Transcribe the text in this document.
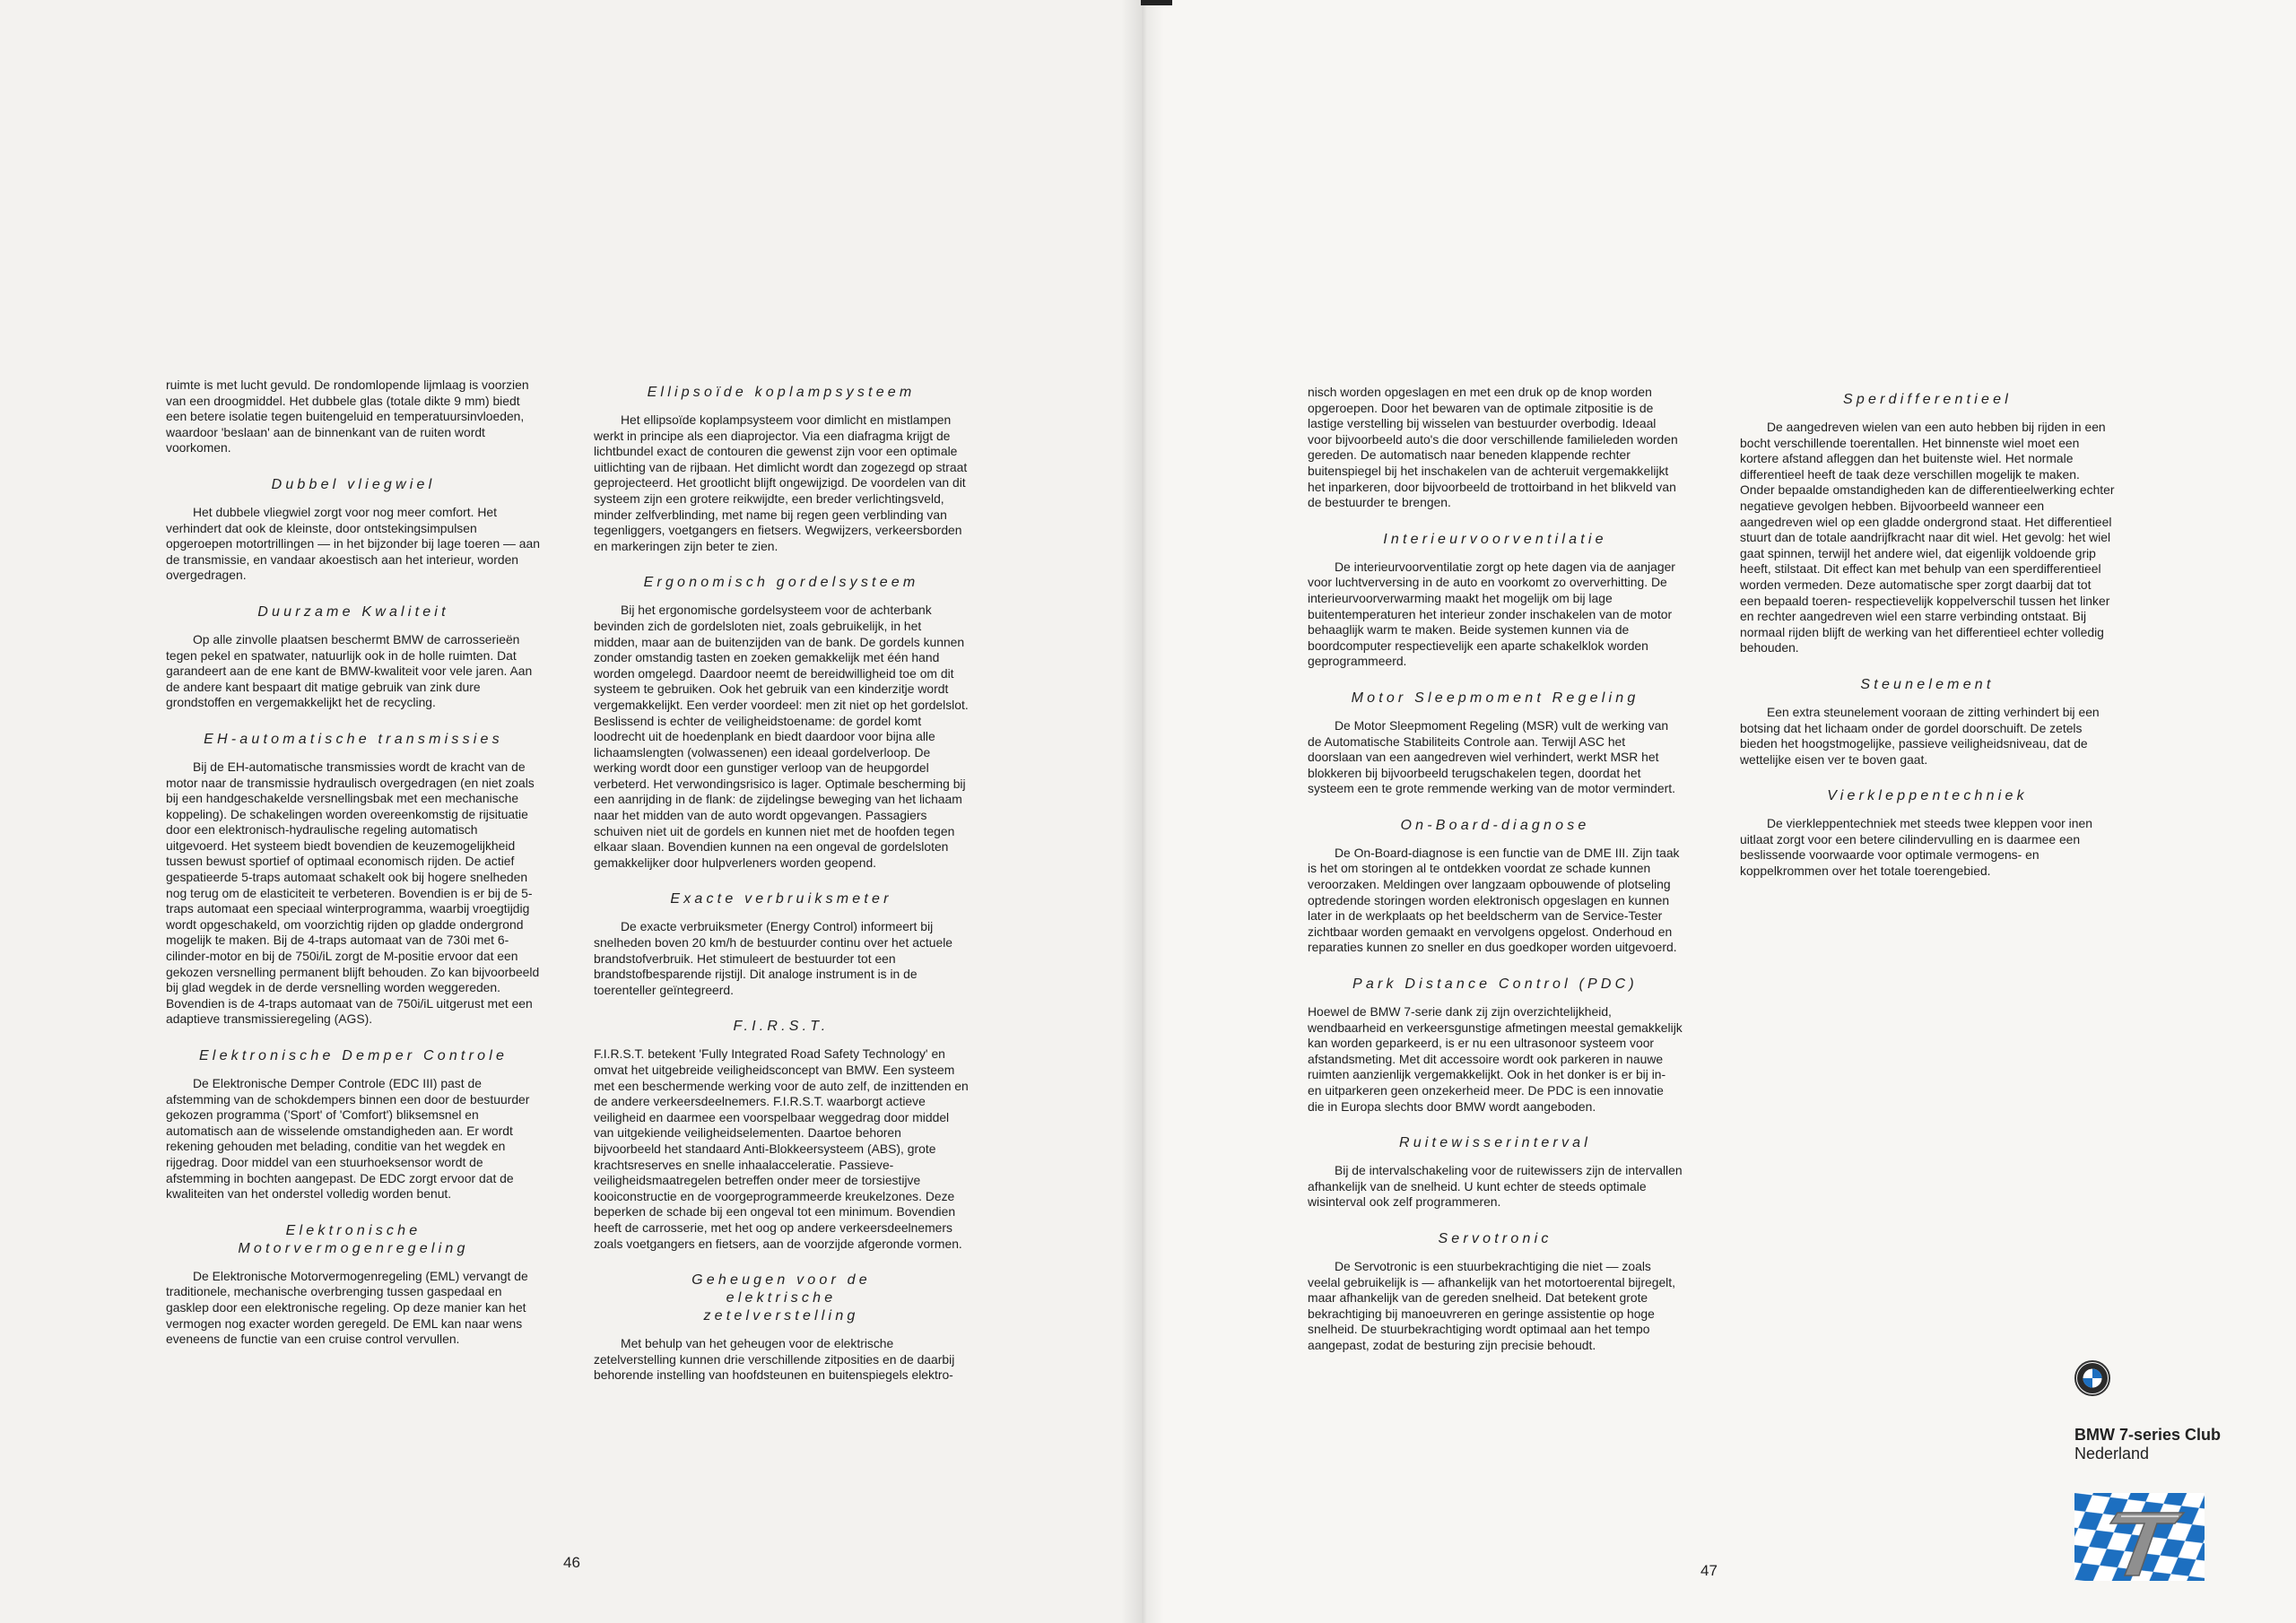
ruimte is met lucht gevuld. De rondomlopende lijmlaag is voorzien van een droogmiddel. Het dubbele glas (totale dikte 9 mm) biedt een betere isolatie tegen buitengeluid en temperatuursinvloeden, waardoor 'beslaan' aan de binnenkant van de ruiten wordt voorkomen.

Dubbel vliegwiel

Het dubbele vliegwiel zorgt voor nog meer comfort. Het verhindert dat ook de kleinste, door ontstekingsimpulsen opgeroepen motortrillingen — in het bijzonder bij lage toeren — aan de transmissie, en vandaar akoestisch aan het interieur, worden overgedragen.

Duurzame Kwaliteit

Op alle zinvolle plaatsen beschermt BMW de carrosserieën tegen pekel en spatwater, natuurlijk ook in de holle ruimten. Dat garandeert aan de ene kant de BMW-kwaliteit voor vele jaren. Aan de andere kant bespaart dit matige gebruik van zink dure grondstoffen en vergemakkelijkt het de recycling.

EH-automatische transmissies

Bij de EH-automatische transmissies wordt de kracht van de motor naar de transmissie hydraulisch overgedragen (en niet zoals bij een handgeschakelde versnellingsbak met een mechanische koppeling). De schakelingen worden overeenkomstig de rijsituatie door een elektronisch-hydraulische regeling automatisch uitgevoerd. Het systeem biedt bovendien de keuzemogelijkheid tussen bewust sportief of optimaal economisch rijden. De actief gespatieerde 5-traps automaat schakelt ook bij hogere snelheden nog terug om de elasticiteit te verbeteren. Bovendien is er bij de 5-traps automaat een speciaal winterprogramma, waarbij vroegtijdig wordt opgeschakeld, om voorzichtig rijden op gladde ondergrond mogelijk te maken. Bij de 4-traps automaat van de 730i met 6-cilinder-motor en bij de 750i/iL zorgt de M-positie ervoor dat een gekozen versnelling permanent blijft behouden. Zo kan bijvoorbeeld bij glad wegdek in de derde versnelling worden weggereden. Bovendien is de 4-traps automaat van de 750i/iL uitgerust met een adaptieve transmissieregeling (AGS).

Elektronische Demper Controle

De Elektronische Demper Controle (EDC III) past de afstemming van de schokdempers binnen een door de bestuurder gekozen programma ('Sport' of 'Comfort') bliksemsnel en automatisch aan de wisselende omstandigheden aan. Er wordt rekening gehouden met belading, conditie van het wegdek en rijgedrag. Door middel van een stuurhoeksensor wordt de afstemming in bochten aangepast. De EDC zorgt ervoor dat de kwaliteiten van het onderstel volledig worden benut.

Elektronische Motorvermogenregeling

De Elektronische Motorvermogenregeling (EML) vervangt de traditionele, mechanische overbrenging tussen gaspedaal en gasklep door een elektronische regeling. Op deze manier kan het vermogen nog exacter worden geregeld. De EML kan naar wens eveneens de functie van een cruise control vervullen.

Ellipsoïde koplampsysteem

Het ellipsoïde koplampsysteem voor dimlicht en mistlampen werkt in principe als een diaprojector. Via een diafragma krijgt de lichtbundel exact de contouren die gewenst zijn voor een optimale uitlichting van de rijbaan. Het dimlicht wordt dan zogezegd op straat geprojecteerd. Het grootlicht blijft ongewijzigd. De voordelen van dit systeem zijn een grotere reikwijdte, een breder verlichtingsveld, minder zelfverblinding, met name bij regen geen verblinding van tegenliggers, voetgangers en fietsers. Wegwijzers, verkeersborden en markeringen zijn beter te zien.

Ergonomisch gordelsysteem

Bij het ergonomische gordelsysteem voor de achterbank bevinden zich de gordelsloten niet, zoals gebruikelijk, in het midden, maar aan de buitenzijden van de bank. De gordels kunnen zonder omstandig tasten en zoeken gemakkelijk met één hand worden omgelegd. Daardoor neemt de bereidwilligheid toe om dit systeem te gebruiken. Ook het gebruik van een kinderzitje wordt vergemakkelijkt. Een verder voordeel: men zit niet op het gordelslot. Beslissend is echter de veiligheidstoename: de gordel komt loodrecht uit de hoedenplank en biedt daardoor voor bijna alle lichaamslengten (volwassenen) een ideaal gordelverloop. De werking wordt door een gunstiger verloop van de heupgordel verbeterd. Het verwondingsrisico is lager. Optimale bescherming bij een aanrijding in de flank: de zijdelingse beweging van het lichaam naar het midden van de auto wordt opgevangen. Passagiers schuiven niet uit de gordels en kunnen niet met de hoofden tegen elkaar slaan. Bovendien kunnen na een ongeval de gordelsloten gemakkelijker door hulpverleners worden geopend.

Exacte verbruiksmeter

De exacte verbruiksmeter (Energy Control) informeert bij snelheden boven 20 km/h de bestuurder continu over het actuele brandstofverbruik. Het stimuleert de bestuurder tot een brandstofbesparende rijstijl. Dit analoge instrument is in de toerenteller geïntegreerd.

F.I.R.S.T.

F.I.R.S.T. betekent 'Fully Integrated Road Safety Technology' en omvat het uitgebreide veiligheidsconcept van BMW. Een systeem met een beschermende werking voor de auto zelf, de inzittenden en de andere verkeersdeelnemers. F.I.R.S.T. waarborgt actieve veiligheid en daarmee een voorspelbaar weggedrag door middel van uitgekiende veiligheidselementen. Daartoe behoren bijvoorbeeld het standaard Anti-Blokkeersysteem (ABS), grote krachtsreserves en snelle inhaalacceleratie. Passieve-veiligheidsmaatregelen betreffen onder meer de torsiestijve kooiconstructie en de voorgeprogrammeerde kreukelzones. Deze beperken de schade bij een ongeval tot een minimum. Bovendien heeft de carrosserie, met het oog op andere verkeersdeelnemers zoals voetgangers en fietsers, aan de voorzijde afgeronde vormen.

Geheugen voor de elektrische zetelverstelling

Met behulp van het geheugen voor de elektrische zetelverstelling kunnen drie verschillende zitposities en de daarbij behorende instelling van hoofdsteunen en buitenspiegels elektro-

46

nisch worden opgeslagen en met een druk op de knop worden opgeroepen. Door het bewaren van de optimale zitpositie is de lastige verstelling bij wisselen van bestuurder overbodig. Ideaal voor bijvoorbeeld auto's die door verschillende familieleden worden gereden. De automatisch naar beneden klappende rechter buitenspiegel bij het inschakelen van de achteruit vergemakkelijkt het inparkeren, door bijvoorbeeld de trottoirband in het blikveld van de bestuurder te brengen.

Interieurvoorventilatie

De interieurvoorventilatie zorgt op hete dagen via de aanjager voor luchtverversing in de auto en voorkomt zo oververhitting. De interieurvoorverwarming maakt het mogelijk om bij lage buitentemperaturen het interieur zonder inschakelen van de motor behaaglijk warm te maken. Beide systemen kunnen via de boordcomputer respectievelijk een aparte schakelklok worden geprogrammeerd.

Motor Sleepmoment Regeling

De Motor Sleepmoment Regeling (MSR) vult de werking van de Automatische Stabiliteits Controle aan. Terwijl ASC het doorslaan van een aangedreven wiel verhindert, werkt MSR het blokkeren bij bijvoorbeeld terugschakelen tegen, doordat het systeem een te grote remmende werking van de motor vermindert.

On-Board-diagnose

De On-Board-diagnose is een functie van de DME III. Zijn taak is het om storingen al te ontdekken voordat ze schade kunnen veroorzaken. Meldingen over langzaam opbouwende of plotseling optredende storingen worden elektronisch opgeslagen en kunnen later in de werkplaats op het beeldscherm van de Service-Tester zichtbaar worden gemaakt en vervolgens opgelost. Onderhoud en reparaties kunnen zo sneller en dus goedkoper worden uitgevoerd.

Park Distance Control (PDC)

Hoewel de BMW 7-serie dank zij zijn overzichtelijkheid, wendbaarheid en verkeersgunstige afmetingen meestal gemakkelijk kan worden geparkeerd, is er nu een ultrasonoor systeem voor afstandsmeting. Met dit accessoire wordt ook parkeren in nauwe ruimten aanzienlijk vergemakkelijkt. Ook in het donker is er bij in- en uitparkeren geen onzekerheid meer. De PDC is een innovatie die in Europa slechts door BMW wordt aangeboden.

Ruitewisserinterval

Bij de intervalschakeling voor de ruitewissers zijn de intervallen afhankelijk van de snelheid. U kunt echter de steeds optimale wisinterval ook zelf programmeren.

Servotronic

De Servotronic is een stuurbekrachtiging die niet — zoals veelal gebruikelijk is — afhankelijk van het motortoerental bijregelt, maar afhankelijk van de gereden snelheid. Dat betekent grote bekrachtiging bij manoeuvreren en geringe assistentie op hoge snelheid. De stuurbekrachtiging wordt optimaal aan het tempo aangepast, zodat de besturing zijn precisie behoudt.

Sperdifferentieel

De aangedreven wielen van een auto hebben bij rijden in een bocht verschillende toerentallen. Het binnenste wiel moet een kortere afstand afleggen dan het buitenste wiel. Het normale differentieel heeft de taak deze verschillen mogelijk te maken. Onder bepaalde omstandigheden kan de differentieelwerking echter negatieve gevolgen hebben. Bijvoorbeeld wanneer een aangedreven wiel op een gladde ondergrond staat. Het differentieel stuurt dan de totale aandrijfkracht naar dit wiel. Het gevolg: het wiel gaat spinnen, terwijl het andere wiel, dat eigenlijk voldoende grip heeft, stilstaat. Dit effect kan met behulp van een sperdifferentieel worden vermeden. Deze automatische sper zorgt daarbij dat tot een bepaald toeren- respectievelijk koppelverschil tussen het linker en rechter aangedreven wiel een starre verbinding ontstaat. Bij normaal rijden blijft de werking van het differentieel echter volledig behouden.

Steunelement

Een extra steunelement vooraan de zitting verhindert bij een botsing dat het lichaam onder de gordel doorschuift. De zetels bieden het hoogstmogelijke, passieve veiligheidsniveau, dat de wettelijke eisen ver te boven gaat.

Vierkleppentechniek

De vierkleppentechniek met steeds twee kleppen voor inen uitlaat zorgt voor een betere cilindervulling en is daarmee een beslissende voorwaarde voor optimale vermogens- en koppelkrommen over het totale toerengebied.

47
BMW 7-series Club
Nederland
